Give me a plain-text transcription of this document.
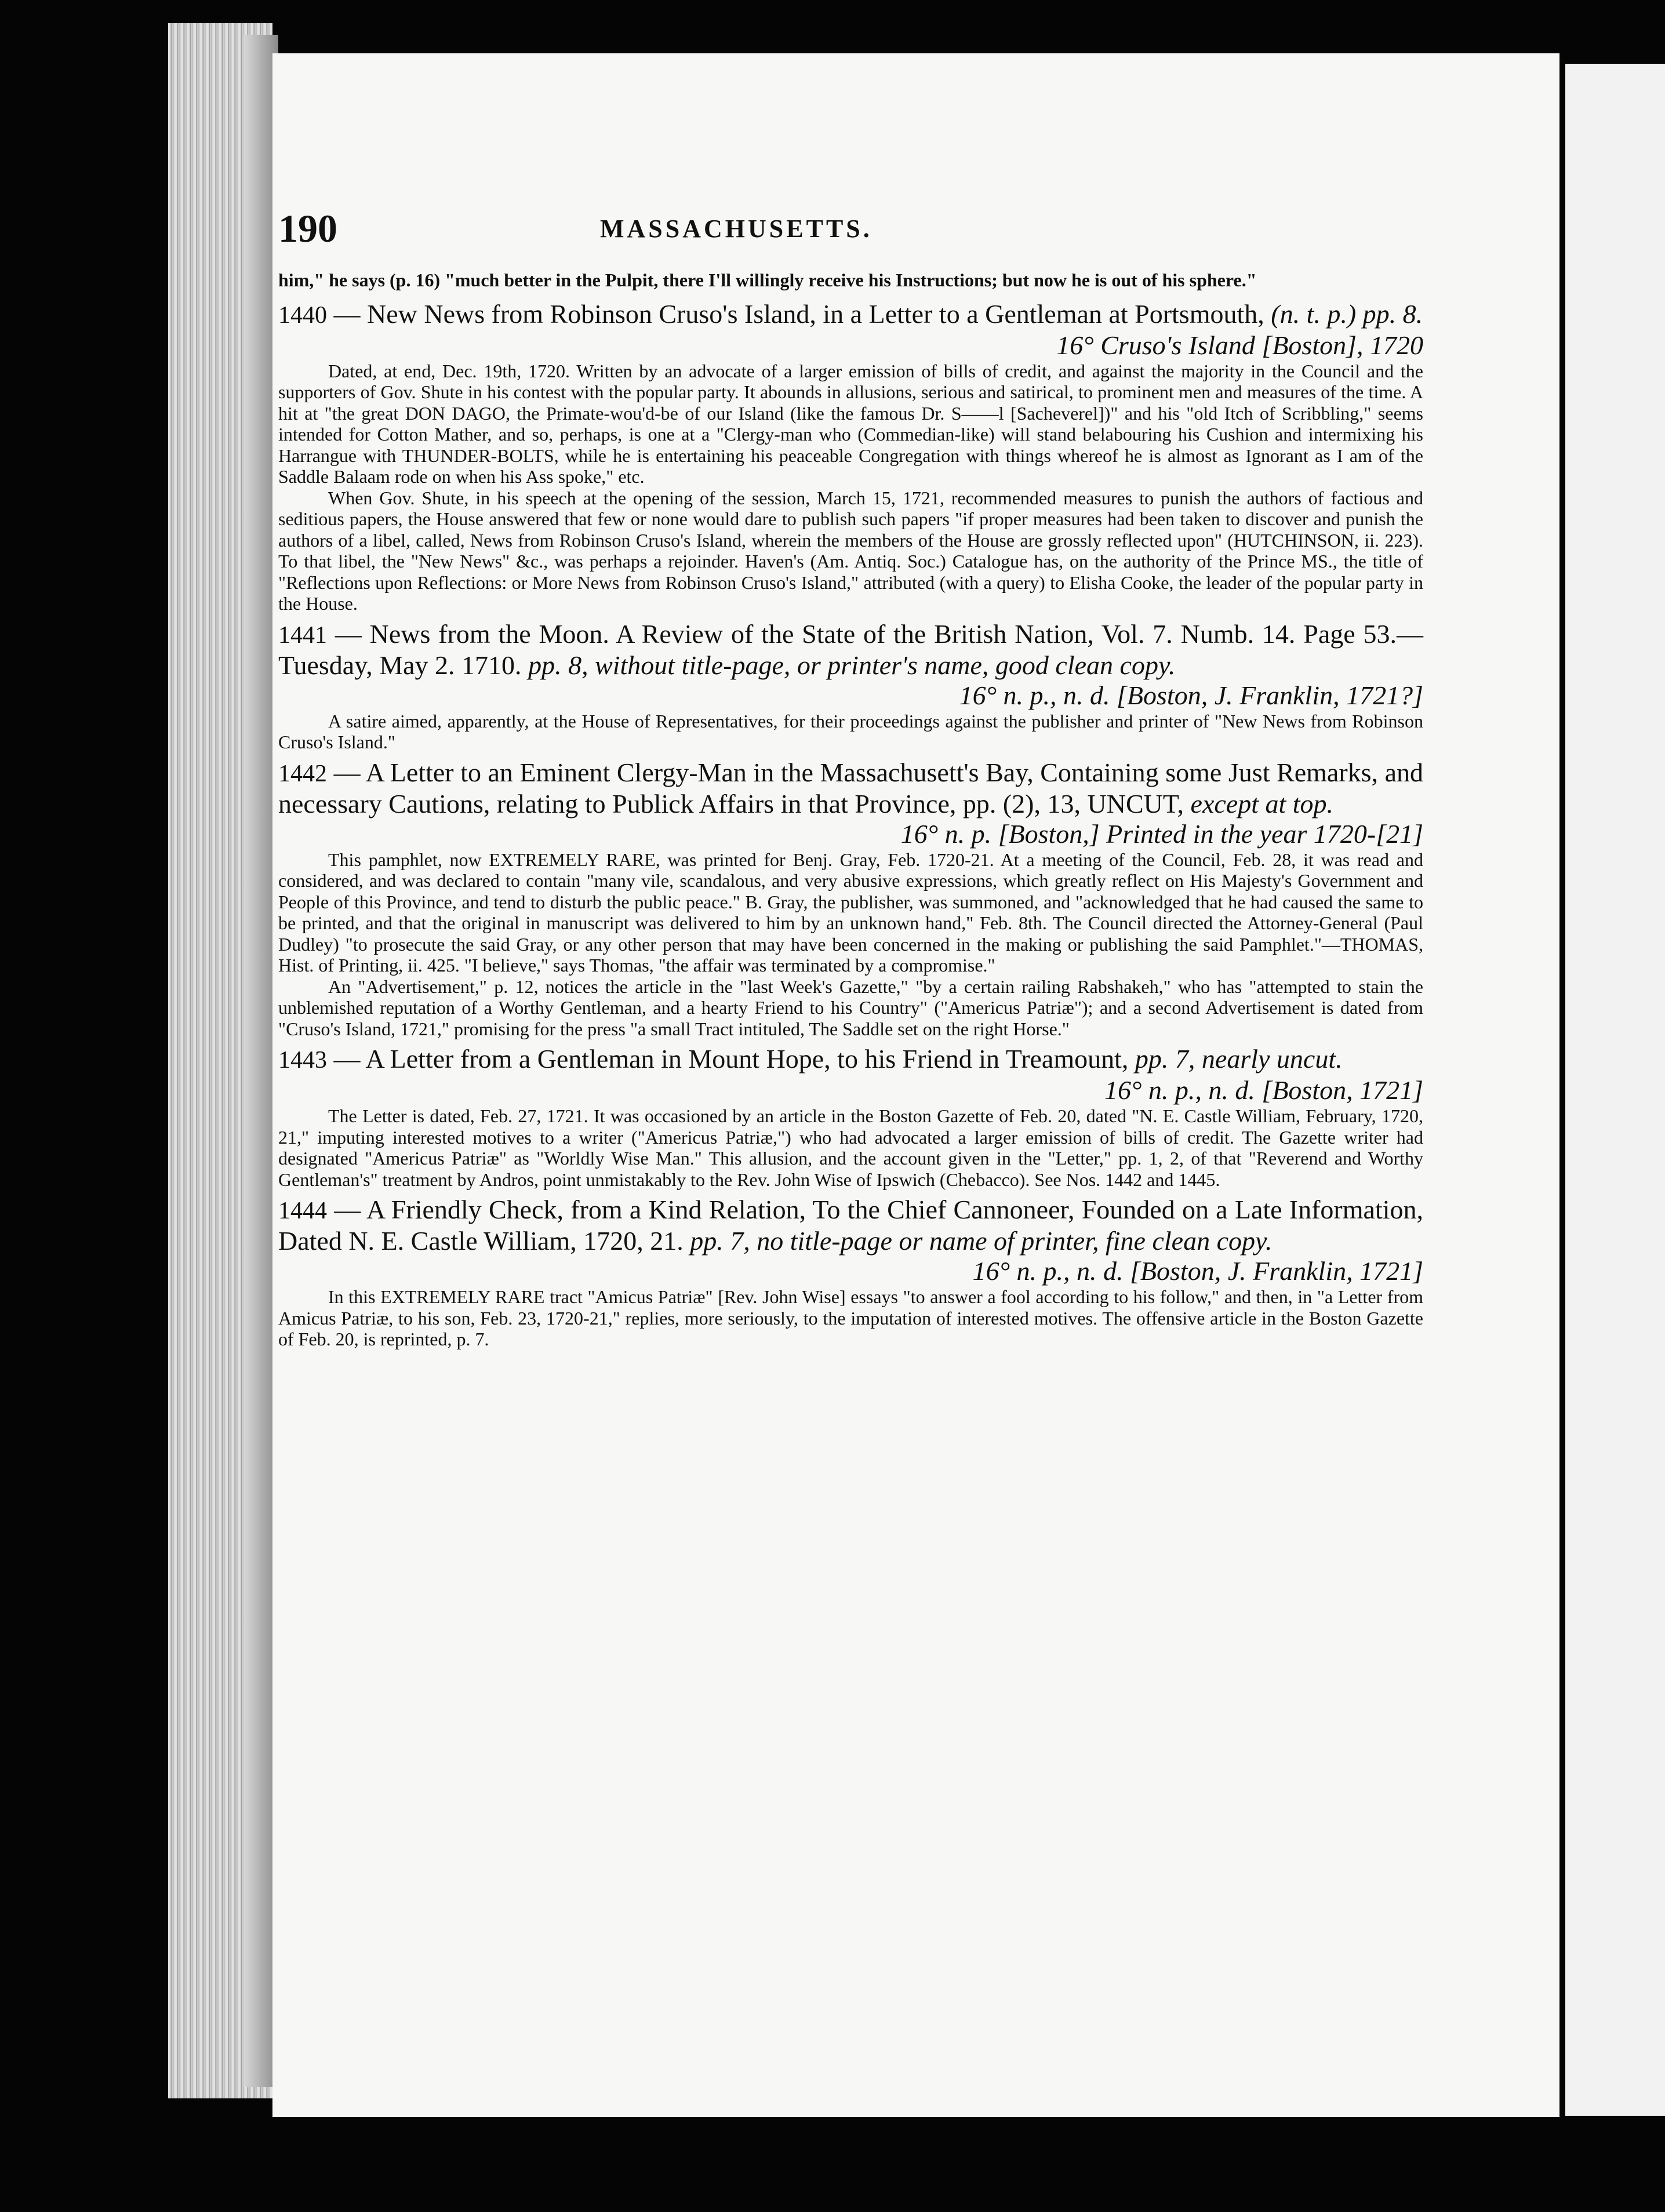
190	MASSACHUSETTS.

him," he says (p. 16) "much better in the Pulpit, there I'll willingly receive his Instructions; but now he is out of his sphere."

1440 — New News from Robinson Cruso's Island, in a Letter to a Gentleman at Portsmouth, (n. t. p.) pp. 8.
16° Cruso's Island [Boston], 1720

Dated, at end, Dec. 19th, 1720. Written by an advocate of a larger emission of bills of credit, and against the majority in the Council and the supporters of Gov. Shute in his contest with the popular party. It abounds in allusions, serious and satirical, to prominent men and measures of the time. A hit at "the great DON DAGO, the Primate-wou'd-be of our Island (like the famous Dr. S——l [Sacheverel])" and his "old Itch of Scribbling," seems intended for Cotton Mather, and so, perhaps, is one at a "Clergy-man who (Commedian-like) will stand belabouring his Cushion and intermixing his Harrangue with THUNDER-BOLTS, while he is entertaining his peaceable Congregation with things whereof he is almost as Ignorant as I am of the Saddle Balaam rode on when his Ass spoke," etc.

When Gov. Shute, in his speech at the opening of the session, March 15, 1721, recommended measures to punish the authors of factious and seditious papers, the House answered that few or none would dare to publish such papers "if proper measures had been taken to discover and punish the authors of a libel, called, News from Robinson Cruso's Island, wherein the members of the House are grossly reflected upon" (HUTCHINSON, ii. 223). To that libel, the "New News" &c., was perhaps a rejoinder. Haven's (Am. Antiq. Soc.) Catalogue has, on the authority of the Prince MS., the title of "Reflections upon Reflections: or More News from Robinson Cruso's Island," attributed (with a query) to Elisha Cooke, the leader of the popular party in the House.

1441 — News from the Moon. A Review of the State of the British Nation, Vol. 7. Numb. 14. Page 53.—Tuesday, May 2. 1710. pp. 8, without title-page, or printer's name, good clean copy.
16° n. p., n. d. [Boston, J. Franklin, 1721?]

A satire aimed, apparently, at the House of Representatives, for their proceedings against the publisher and printer of "New News from Robinson Cruso's Island."

1442 — A Letter to an Eminent Clergy-Man in the Massachusett's Bay, Containing some Just Remarks, and necessary Cautions, relating to Publick Affairs in that Province, pp. (2), 13, UNCUT, except at top.
16° n. p. [Boston,] Printed in the year 1720-[21]

This pamphlet, now EXTREMELY RARE, was printed for Benj. Gray, Feb. 1720-21. At a meeting of the Council, Feb. 28, it was read and considered, and was declared to contain "many vile, scandalous, and very abusive expressions, which greatly reflect on His Majesty's Government and People of this Province, and tend to disturb the public peace." B. Gray, the publisher, was summoned, and "acknowledged that he had caused the same to be printed, and that the original in manuscript was delivered to him by an unknown hand," Feb. 8th. The Council directed the Attorney-General (Paul Dudley) "to prosecute the said Gray, or any other person that may have been concerned in the making or publishing the said Pamphlet."—THOMAS, Hist. of Printing, ii. 425. "I believe," says Thomas, "the affair was terminated by a compromise."

An "Advertisement," p. 12, notices the article in the "last Week's Gazette," "by a certain railing Rabshakeh," who has "attempted to stain the unblemished reputation of a Worthy Gentleman, and a hearty Friend to his Country" ("Americus Patriæ"); and a second Advertisement is dated from "Cruso's Island, 1721," promising for the press "a small Tract intituled, The Saddle set on the right Horse."

1443 — A Letter from a Gentleman in Mount Hope, to his Friend in Treamount, pp. 7, nearly uncut.
16° n. p., n. d. [Boston, 1721]

The Letter is dated, Feb. 27, 1721. It was occasioned by an article in the Boston Gazette of Feb. 20, dated "N. E. Castle William, February, 1720, 21," imputing interested motives to a writer ("Americus Patriæ,") who had advocated a larger emission of bills of credit. The Gazette writer had designated "Americus Patriæ" as "Worldly Wise Man." This allusion, and the account given in the "Letter," pp. 1, 2, of that "Reverend and Worthy Gentleman's" treatment by Andros, point unmistakably to the Rev. John Wise of Ipswich (Chebacco). See Nos. 1442 and 1445.

1444 — A Friendly Check, from a Kind Relation, To the Chief Cannoneer, Founded on a Late Information, Dated N. E. Castle William, 1720, 21. pp. 7, no title-page or name of printer, fine clean copy.
16° n. p., n. d. [Boston, J. Franklin, 1721]

In this EXTREMELY RARE tract "Amicus Patriæ" [Rev. John Wise] essays "to answer a fool according to his follow," and then, in "a Letter from Amicus Patriæ, to his son, Feb. 23, 1720-21," replies, more seriously, to the imputation of interested motives. The offensive article in the Boston Gazette of Feb. 20, is reprinted, p. 7.
